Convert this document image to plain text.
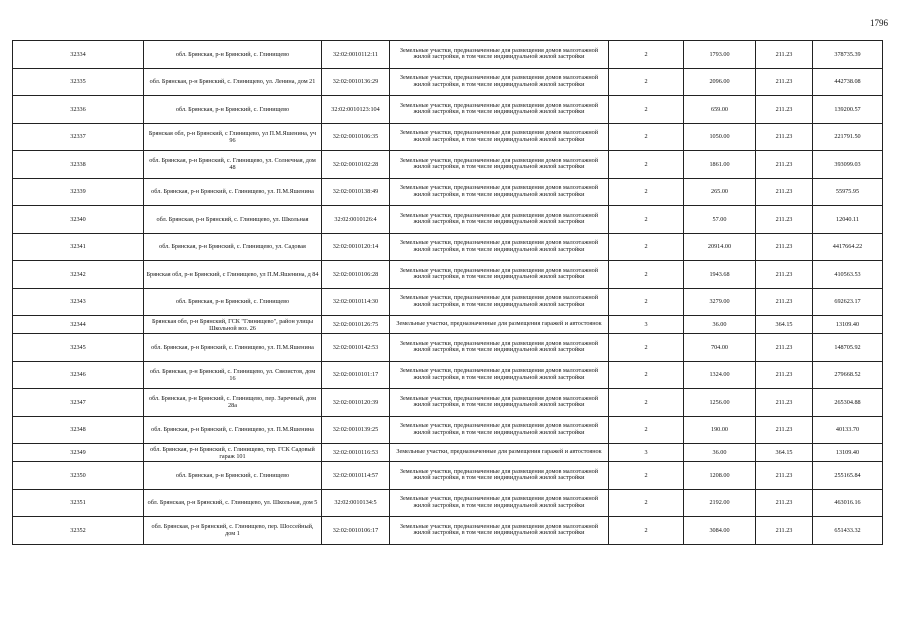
1796
32334	обл. Брянская, р-н Брянский, с. Глинищево	32:02:0010112:11	Земельные участки, предназначенные для размещения домов малоэтажной жилой застройки, в том числе индивидуальной жилой застройки	2	1793.00	211.23	378735.39
32335	обл. Брянская, р-н Брянский, с. Глинищево, ул. Ленина, дом 21	32:02:0010136:29	Земельные участки, предназначенные для размещения домов малоэтажной жилой застройки, в том числе индивидуальной жилой застройки	2	2096.00	211.23	442738.08
32336	обл. Брянская, р-н Брянский, с. Глинищево	32:02:0010123:104	Земельные участки, предназначенные для размещения домов малоэтажной жилой застройки, в том числе индивидуальной жилой застройки	2	659.00	211.23	139200.57
32337	Брянская обл, р-н Брянский, с Глинищево, ул П.М.Яшенина, уч 96	32:02:0010106:35	Земельные участки, предназначенные для размещения домов малоэтажной жилой застройки, в том числе индивидуальной жилой застройки	2	1050.00	211.23	221791.50
32338	обл. Брянская, р-н Брянский, с. Глинищево, ул. Солнечная, дом 48	32:02:0010102:28	Земельные участки, предназначенные для размещения домов малоэтажной жилой застройки, в том числе индивидуальной жилой застройки	2	1861.00	211.23	393099.03
32339	обл. Брянская, р-н Брянский, с. Глинищево, ул. П.М.Яшенина	32:02:0010138:49	Земельные участки, предназначенные для размещения домов малоэтажной жилой застройки, в том числе индивидуальной жилой застройки	2	265.00	211.23	55975.95
32340	обл. Брянская, р-н Брянский, с. Глинищево, ул. Школьная	32:02:0010126:4	Земельные участки, предназначенные для размещения домов малоэтажной жилой застройки, в том числе индивидуальной жилой застройки	2	57.00	211.23	12040.11
32341	обл. Брянская, р-н Брянский, с. Глинищево, ул. Садовая	32:02:0010120:14	Земельные участки, предназначенные для размещения домов малоэтажной жилой застройки, в том числе индивидуальной жилой застройки	2	20914.00	211.23	4417664.22
32342	Брянская обл, р-н Брянский, с Глинищево, ул П.М.Яшенина, д 84	32:02:0010106:28	Земельные участки, предназначенные для размещения домов малоэтажной жилой застройки, в том числе индивидуальной жилой застройки	2	1943.68	211.23	410563.53
32343	обл. Брянская, р-н Брянский, с. Глинищево	32:02:0010114:30	Земельные участки, предназначенные для размещения домов малоэтажной жилой застройки, в том числе индивидуальной жилой застройки	2	3279.00	211.23	692623.17
32344	Брянская обл, р-н Брянский, ГСК "Глинищево", район улицы Школьной воз. 26	32:02:0010126:75	Земельные участки, предназначенные для размещения гаражей и автостоянок	3	36.00	364.15	13109.40
32345	обл. Брянская, р-н Брянский, с. Глинищево, ул. П.М.Яшенина	32:02:0010142:53	Земельные участки, предназначенные для размещения домов малоэтажной жилой застройки, в том числе индивидуальной жилой застройки	2	704.00	211.23	148705.92
32346	обл. Брянская, р-н Брянский, с. Глинищево, ул. Связистов, дом 16	32:02:0010101:17	Земельные участки, предназначенные для размещения домов малоэтажной жилой застройки, в том числе индивидуальной жилой застройки	2	1324.00	211.23	279668.52
32347	обл. Брянская, р-н Брянский, с. Глинищево, пер. Заречный, дом 28а	32:02:0010120:39	Земельные участки, предназначенные для размещения домов малоэтажной жилой застройки, в том числе индивидуальной жилой застройки	2	1256.00	211.23	265304.88
32348	обл. Брянская, р-н Брянский, с. Глинищево, ул. П.М.Яшенина	32:02:0010139:25	Земельные участки, предназначенные для размещения домов малоэтажной жилой застройки, в том числе индивидуальной жилой застройки	2	190.00	211.23	40133.70
32349	обл. Брянская, р-н Брянский, с. Глинищево, тер. ГСК Садовый гараж 101	32:02:0010116:53	Земельные участки, предназначенные для размещения гаражей и автостоянок	3	36.00	364.15	13109.40
32350	обл. Брянская, р-н Брянский, с. Глинищево	32:02:0010114:57	Земельные участки, предназначенные для размещения домов малоэтажной жилой застройки, в том числе индивидуальной жилой застройки	2	1208.00	211.23	255165.84
32351	обл. Брянская, р-н Брянский, с. Глинищево, ул. Школьная, дом 5	32:02:0010134:5	Земельные участки, предназначенные для размещения домов малоэтажной жилой застройки, в том числе индивидуальной жилой застройки	2	2192.00	211.23	463016.16
32352	обл. Брянская, р-н Брянский, с. Глинищево, пер. Шоссейный, дом 1	32:02:0010106:17	Земельные участки, предназначенные для размещения домов малоэтажной жилой застройки, в том числе индивидуальной жилой застройки	2	3084.00	211.23	651433.32
